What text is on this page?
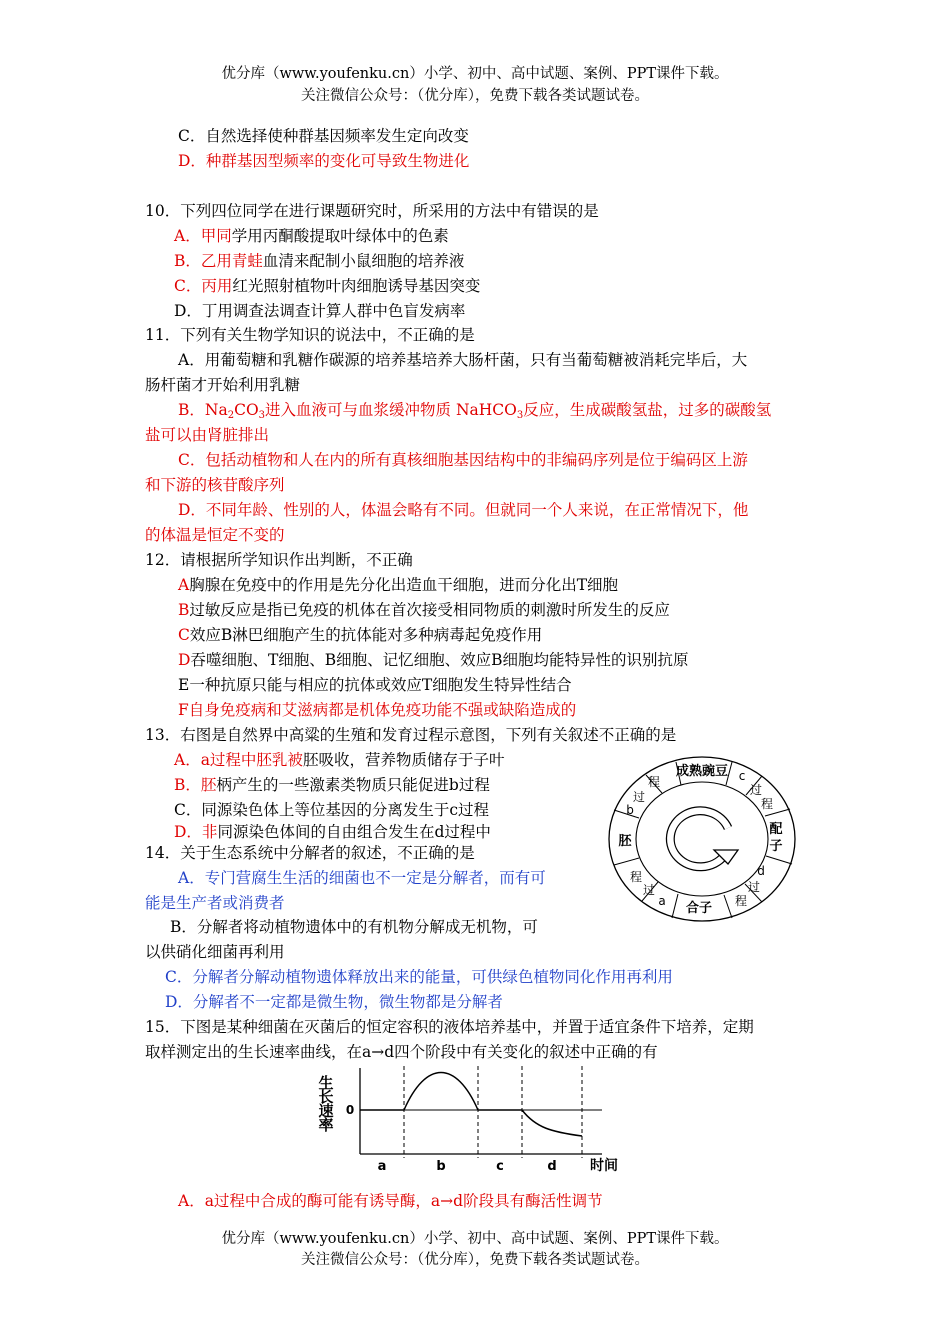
优分库（www.youfenku.cn）小学、初中、高中试题、案例、PPT课件下载。
关注微信公众号：（优分库），免费下载各类试题试卷。
C．自然选择使种群基因频率发生定向改变
D．种群基因型频率的变化可导致生物进化
10．下列四位同学在进行课题研究时，所采用的方法中有错误的是
A．甲同学用丙酮酸提取叶绿体中的色素
B．乙用青蛙血清来配制小鼠细胞的培养液
C．丙用红光照射植物叶肉细胞诱导基因突变
D．丁用调查法调查计算人群中色盲发病率
11．下列有关生物学知识的说法中，不正确的是
A．用葡萄糖和乳糖作碳源的培养基培养大肠杆菌，只有当葡萄糖被消耗完毕后，大
肠杆菌才开始利用乳糖
B．$Na_2CO_3$进入血液可与血浆缓冲物质 NaHCO$_3$反应，生成碳酸氢盐，过多的碳酸氢
盐可以由肾脏排出
C．包括动植物和人在内的所有真核细胞基因结构中的非编码序列是位于编码区上游
和下游的核苷酸序列
D．不同年龄、性别的人，体温会略有不同。但就同一个人来说，在正常情况下，他
的体温是恒定不变的
12．请根据所学知识作出判断，不正确
A胸腺在免疫中的作用是先分化出造血干细胞，进而分化出T细胞
B过敏反应是指已免疫的机体在首次接受相同物质的刺激时所发生的反应
C效应B淋巴细胞产生的抗体能对多种病毒起免疫作用
D吞噬细胞、T细胞、B细胞、记忆细胞、效应B细胞均能特异性的识别抗原
E一种抗原只能与相应的抗体或效应T细胞发生特异性结合
F自身免疫病和艾滋病都是机体免疫功能不强或缺陷造成的
13．右图是自然界中高粱的生殖和发育过程示意图，下列有关叙述不正确的是
A．a过程中胚乳被胚吸收，营养物质储存于子叶
B．胚柄产生的一些激素类物质只能促进b过程
C．同源染色体上等位基因的分离发生于c过程
D．非同源染色体间的自由组合发生在d过程中
成熟豌豆
配子
合子
胚
程
过
b
c
过
程
d
过
程
程
过
a
14．关于生态系统中分解者的叙述，不正确的是
A．专门营腐生生活的细菌也不一定是分解者，而有可
能是生产者或消费者
B．分解者将动植物遗体中的有机物分解成无机物，可
以供硝化细菌再利用
C．分解者分解动植物遗体释放出来的能量，可供绿色植物同化作用再利用
D．分解者不一定都是微生物，微生物都是分解者
15．下图是某种细菌在灭菌后的恒定容积的液体培养基中，并置于适宜条件下培养，定期
取样测定出的生长速率曲线，在a→d四个阶段中有关变化的叙述中正确的有
生
长
速
率
0
a	b	c	d 时间
A．a过程中合成的酶可能有诱导酶，a→d阶段具有酶活性调节
优分库（www.youfenku.cn）小学、初中、高中试题、案例、PPT课件下载。
关注微信公众号：（优分库），免费下载各类试题试卷。
